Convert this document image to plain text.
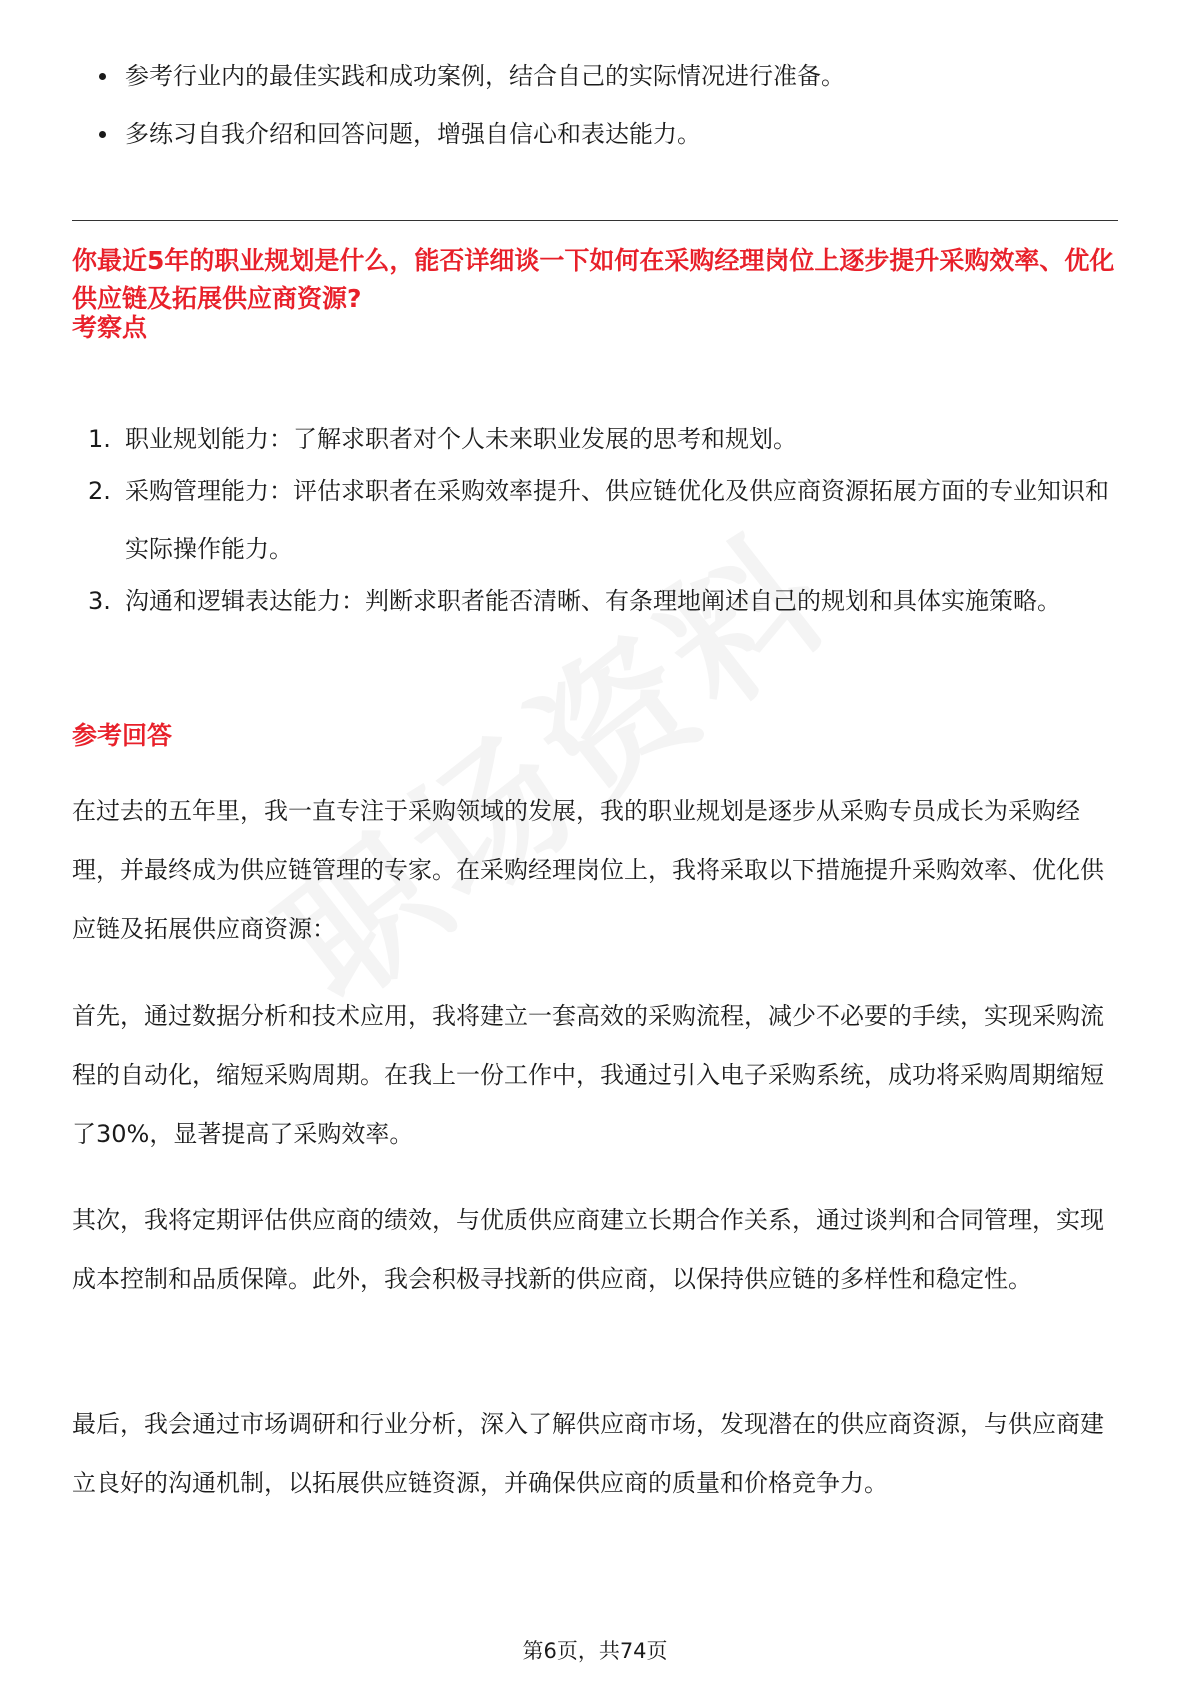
参考行业内的最佳实践和成功案例，结合自己的实际情况进行准备。
多练习自我介绍和回答问题，增强自信心和表达能力。

你最近5年的职业规划是什么，能否详细谈一下如何在采购经理岗位上逐步提升采购效率、优化供应链及拓展供应商资源?

考察点

1. 职业规划能力：了解求职者对个人未来职业发展的思考和规划。
2. 采购管理能力：评估求职者在采购效率提升、供应链优化及供应商资源拓展方面的专业知识和实际操作能力。
3. 沟通和逻辑表达能力：判断求职者能否清晰、有条理地阐述自己的规划和具体实施策略。

参考回答

在过去的五年里，我一直专注于采购领域的发展，我的职业规划是逐步从采购专员成长为采购经理，并最终成为供应链管理的专家。在采购经理岗位上，我将采取以下措施提升采购效率、优化供应链及拓展供应商资源：

首先，通过数据分析和技术应用，我将建立一套高效的采购流程，减少不必要的手续，实现采购流程的自动化，缩短采购周期。在我上一份工作中，我通过引入电子采购系统，成功将采购周期缩短了30%，显著提高了采购效率。

其次，我将定期评估供应商的绩效，与优质供应商建立长期合作关系，通过谈判和合同管理，实现成本控制和品质保障。此外，我会积极寻找新的供应商，以保持供应链的多样性和稳定性。

最后，我会通过市场调研和行业分析，深入了解供应商市场，发现潜在的供应商资源，与供应商建立良好的沟通机制，以拓展供应链资源，并确保供应商的质量和价格竞争力。

第6页，共74页
